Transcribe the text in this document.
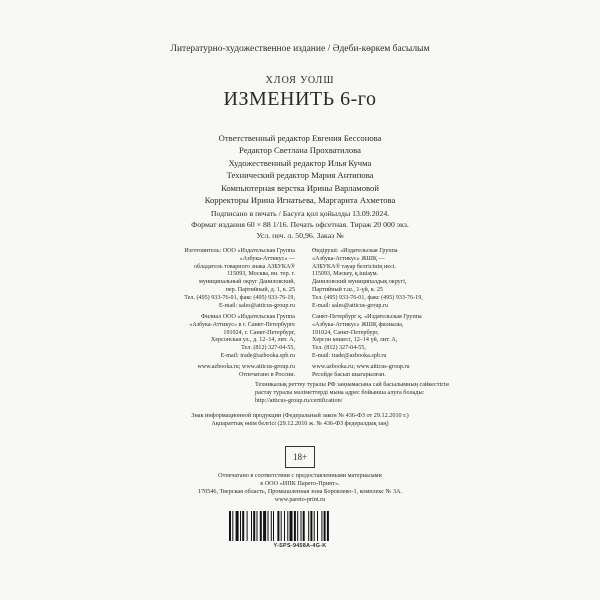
Литературно-художественное издание / Әдеби-көркем басылым
ХЛОЯ УОЛШ
ИЗМЕНИТЬ 6-го
Ответственный редактор Евгения Бессонова
Редактор Светлана Прохватилова
Художественный редактор Илья Кучма
Технический редактор Мария Антипова
Компьютерная верстка Ирины Варламовой
Корректоры Ирина Игнатьева, Маргарита Ахметова
Подписано в печать / Басуға қол қойылды 13.09.2024.
Формат издания 60 × 88 1/16. Печать офсетная. Тираж 20 000 экз.
Усл. печ. л. 50,96. Заказ №
Изготовитель: ООО «Издательская Группа
«Азбука-Аттикус» —
обладатель товарного знака АЗБУКА®
115093, Москва, вн. тер. г.
муниципальный округ Даниловский,
пер. Партийный, д. 1, к. 25
Тел. (495) 933-76-01, факс (495) 933-76-19,
E-mail: sales@atticus-group.ru
Өндіруші: «Издательская Группа
«Азбука-Аттикус» ЖШҚ —
АЗБУКА® тауар белгісінің иесі.
115093, Мәскеу, қ.ішіаум.
Даниловский муниципалдық округі,
Партийный т.ш., 1-үй, к. 25
Тел. (495) 933-76-01, факс (495) 933-76-19,
E-mail: sales@atticus-group.ru
Филиал ООО «Издательская Группа
«Азбука-Аттикус» в г. Санкт-Петербурге
191024, г. Санкт-Петербург,
Херсонская ул., д. 12–14, лит. А,
Тел. (812) 327-04-55,
E-mail: trade@azbooka.spb.ru
Санкт-Петербург қ. «Издательская Группа
«Азбука-Аттикус» ЖШҚ филиалы,
191024, Санкт-Петербург,
Херсон көшесі, 12–14 үй, лит. А,
Тел. (812) 327-04-55,
E-mail: trade@azbooka.spb.ru
www.azbooka.ru; www.atticus-group.ru	www.azbooka.ru; www.atticus-group.ru
Отпечатано в России.	Ресейде басып шығарылған.
Техникалық реттеу туралы РФ заңнамасына сай басылымның сәйкестігін
растау туралы мәліметтерді мына адрес бойынша алуға болады:
http://atticus-group.ru/certification/
Знак информационной продукции (Федеральный закон № 436-ФЗ от 29.12.2010 г.)
Ақпараттық өнім белгісі (29.12.2010 ж. № 436-ФЗ федералдық заң)
18+
Отпечатано в соответствии с предоставленными материалами
в ООО «ИПК Парето-Принт».
170546, Тверская область, Промышленная зона Боровлево-1, комплекс № 3А.
www.pareto-print.ru
Y-SPS-9458A-4G-K
